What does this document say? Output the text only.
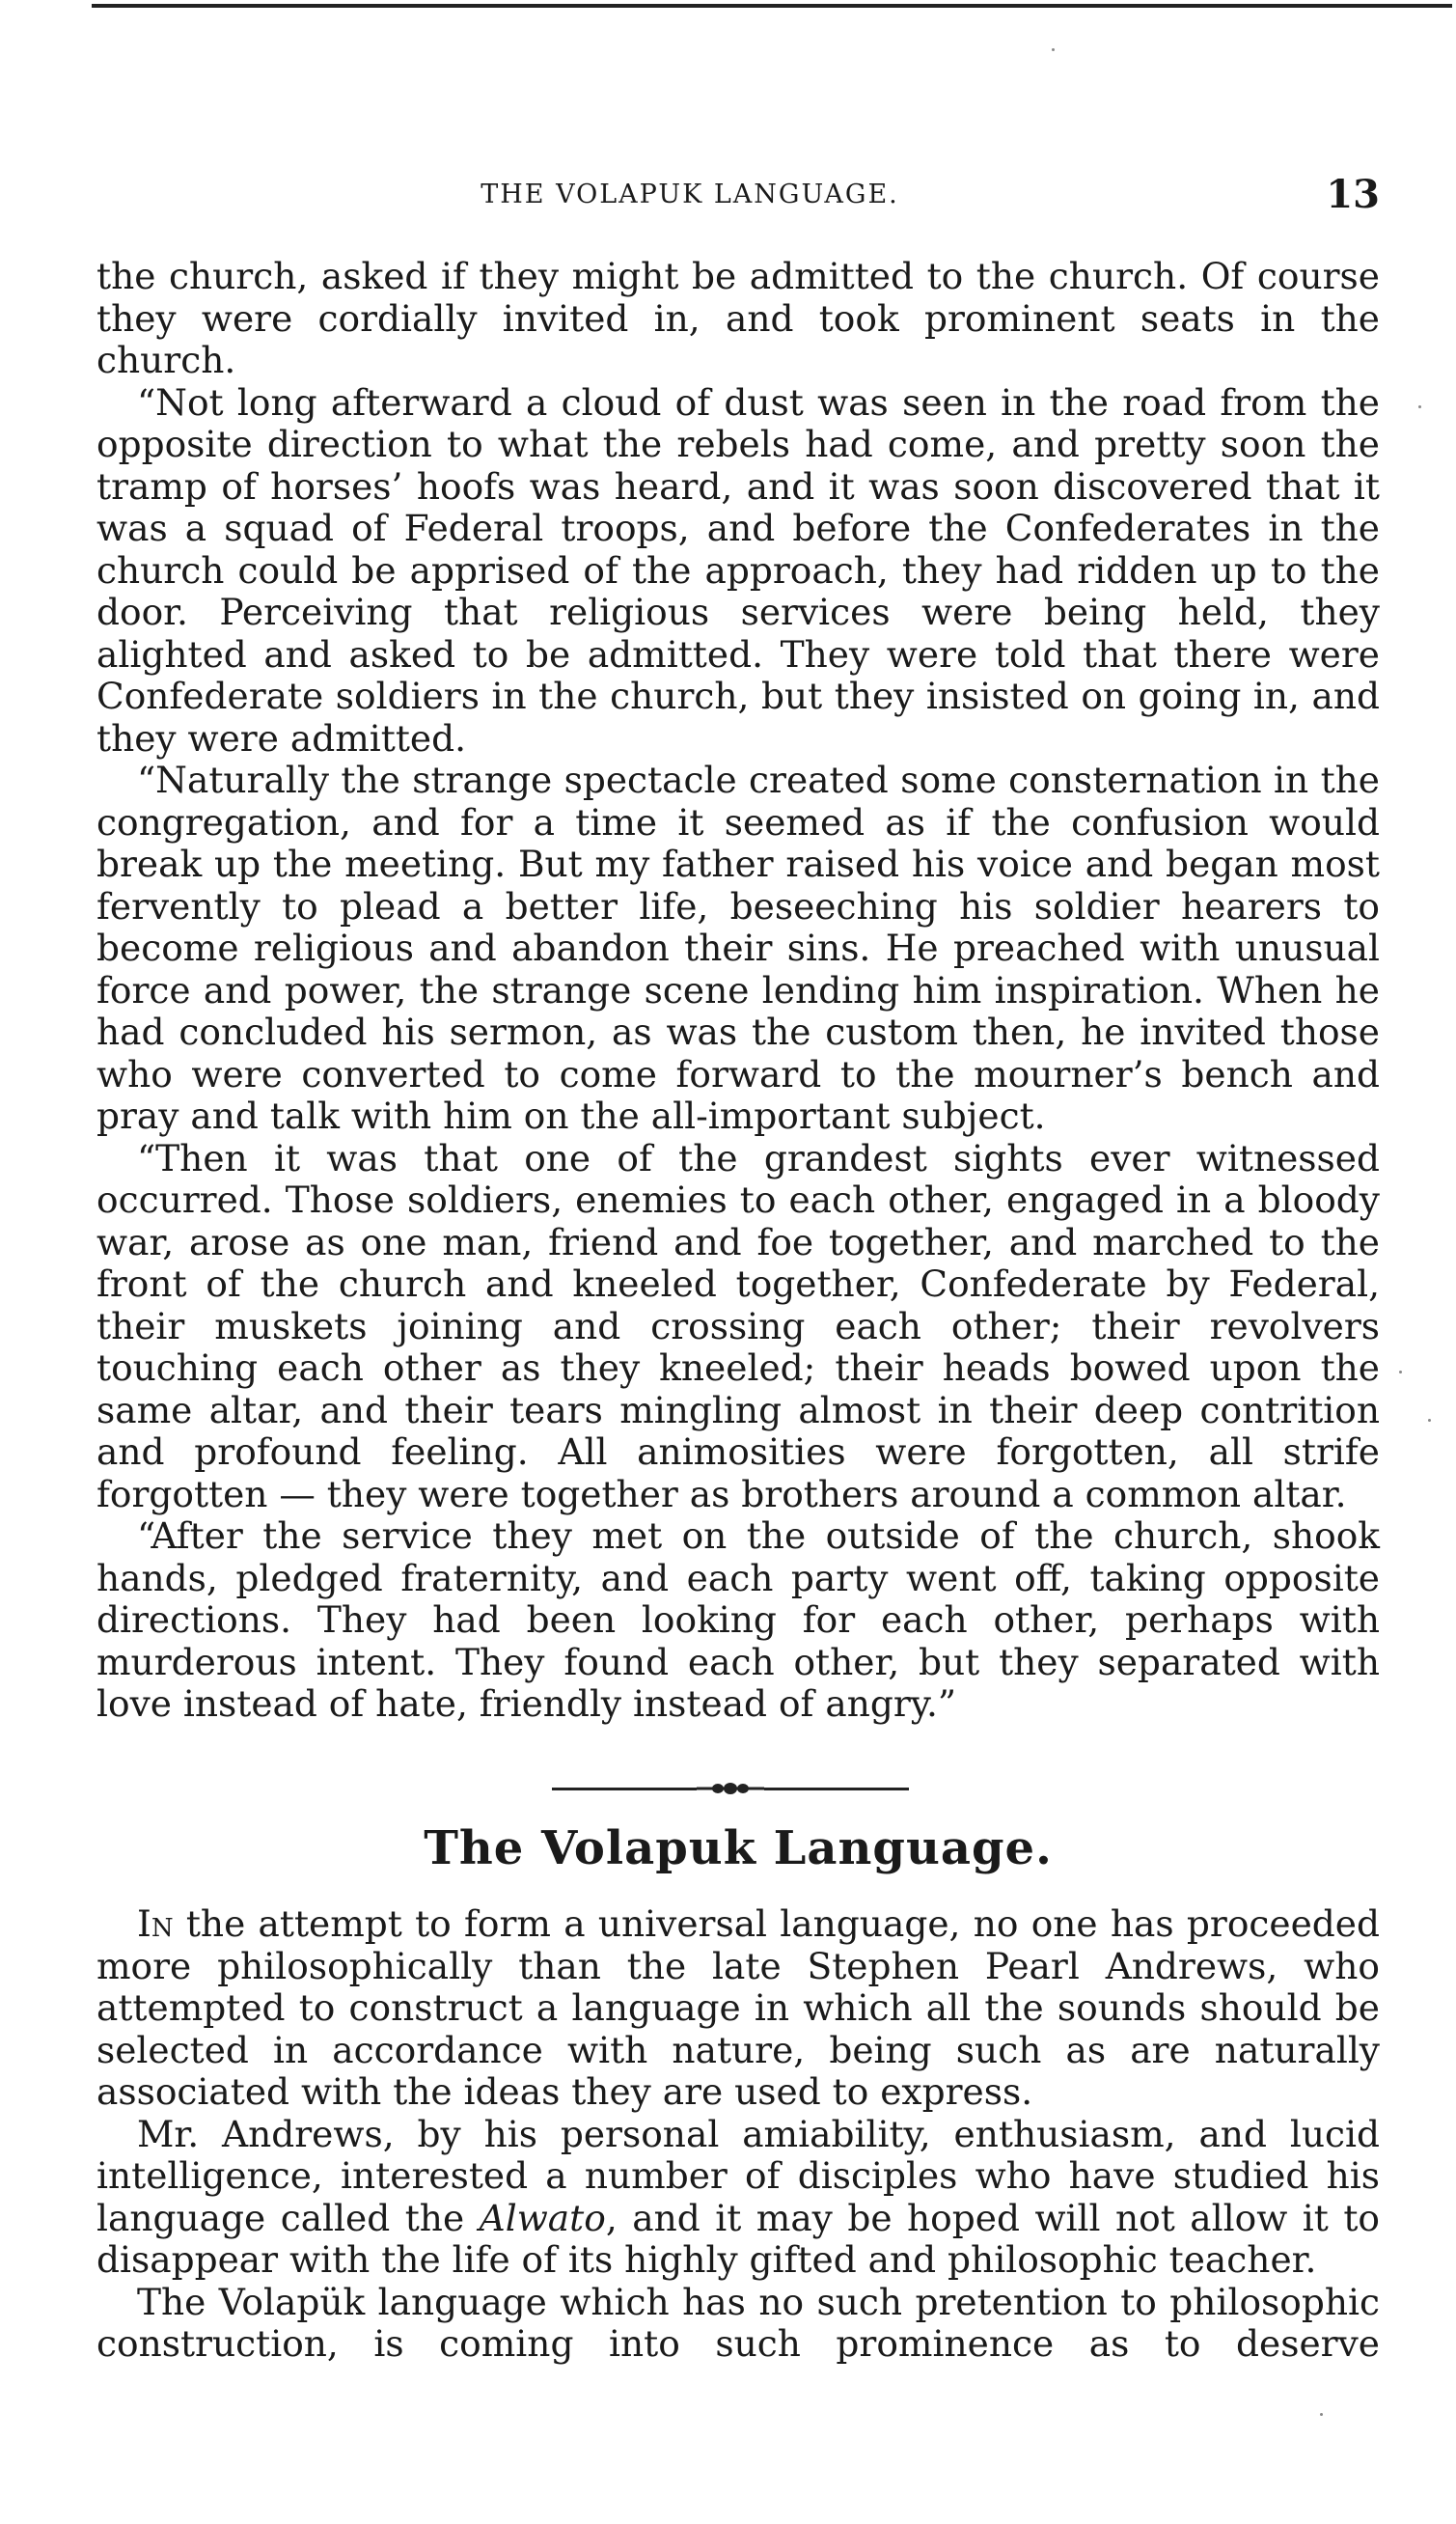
THE VOLAPUK LANGUAGE.	13

the church, asked if they might be admitted to the church. Of course they were cordially invited in, and took prominent seats in the church.

“Not long afterward a cloud of dust was seen in the road from the opposite direction to what the rebels had come, and pretty soon the tramp of horses’ hoofs was heard, and it was soon discovered that it was a squad of Federal troops, and before the Confederates in the church could be apprised of the approach, they had ridden up to the door. Perceiving that religious services were being held, they alighted and asked to be admitted. They were told that there were Confederate soldiers in the church, but they insisted on going in, and they were admitted.

“Naturally the strange spectacle created some consternation in the congregation, and for a time it seemed as if the confusion would break up the meeting. But my father raised his voice and began most fervently to plead a better life, beseeching his soldier hearers to become religious and abandon their sins. He preached with unusual force and power, the strange scene lending him inspiration. When he had concluded his sermon, as was the custom then, he invited those who were converted to come forward to the mourner’s bench and pray and talk with him on the all-important subject.

“Then it was that one of the grandest sights ever witnessed occurred. Those soldiers, enemies to each other, engaged in a bloody war, arose as one man, friend and foe together, and marched to the front of the church and kneeled together, Confederate by Federal, their muskets joining and crossing each other; their revolvers touching each other as they kneeled; their heads bowed upon the same altar, and their tears mingling almost in their deep contrition and profound feeling. All animosities were forgotten, all strife forgotten — they were together as brothers around a common altar.

“After the service they met on the outside of the church, shook hands, pledged fraternity, and each party went off, taking opposite directions. They had been looking for each other, perhaps with murderous intent. They found each other, but they separated with love instead of hate, friendly instead of angry.”

The Volapuk Language.

In the attempt to form a universal language, no one has proceeded more philosophically than the late Stephen Pearl Andrews, who attempted to construct a language in which all the sounds should be selected in accordance with nature, being such as are naturally associated with the ideas they are used to express.

Mr. Andrews, by his personal amiability, enthusiasm, and lucid intelligence, interested a number of disciples who have studied his language called the Alwato, and it may be hoped will not allow it to disappear with the life of its highly gifted and philosophic teacher.

The Volapük language which has no such pretention to philosophic construction, is coming into such prominence as to deserve
